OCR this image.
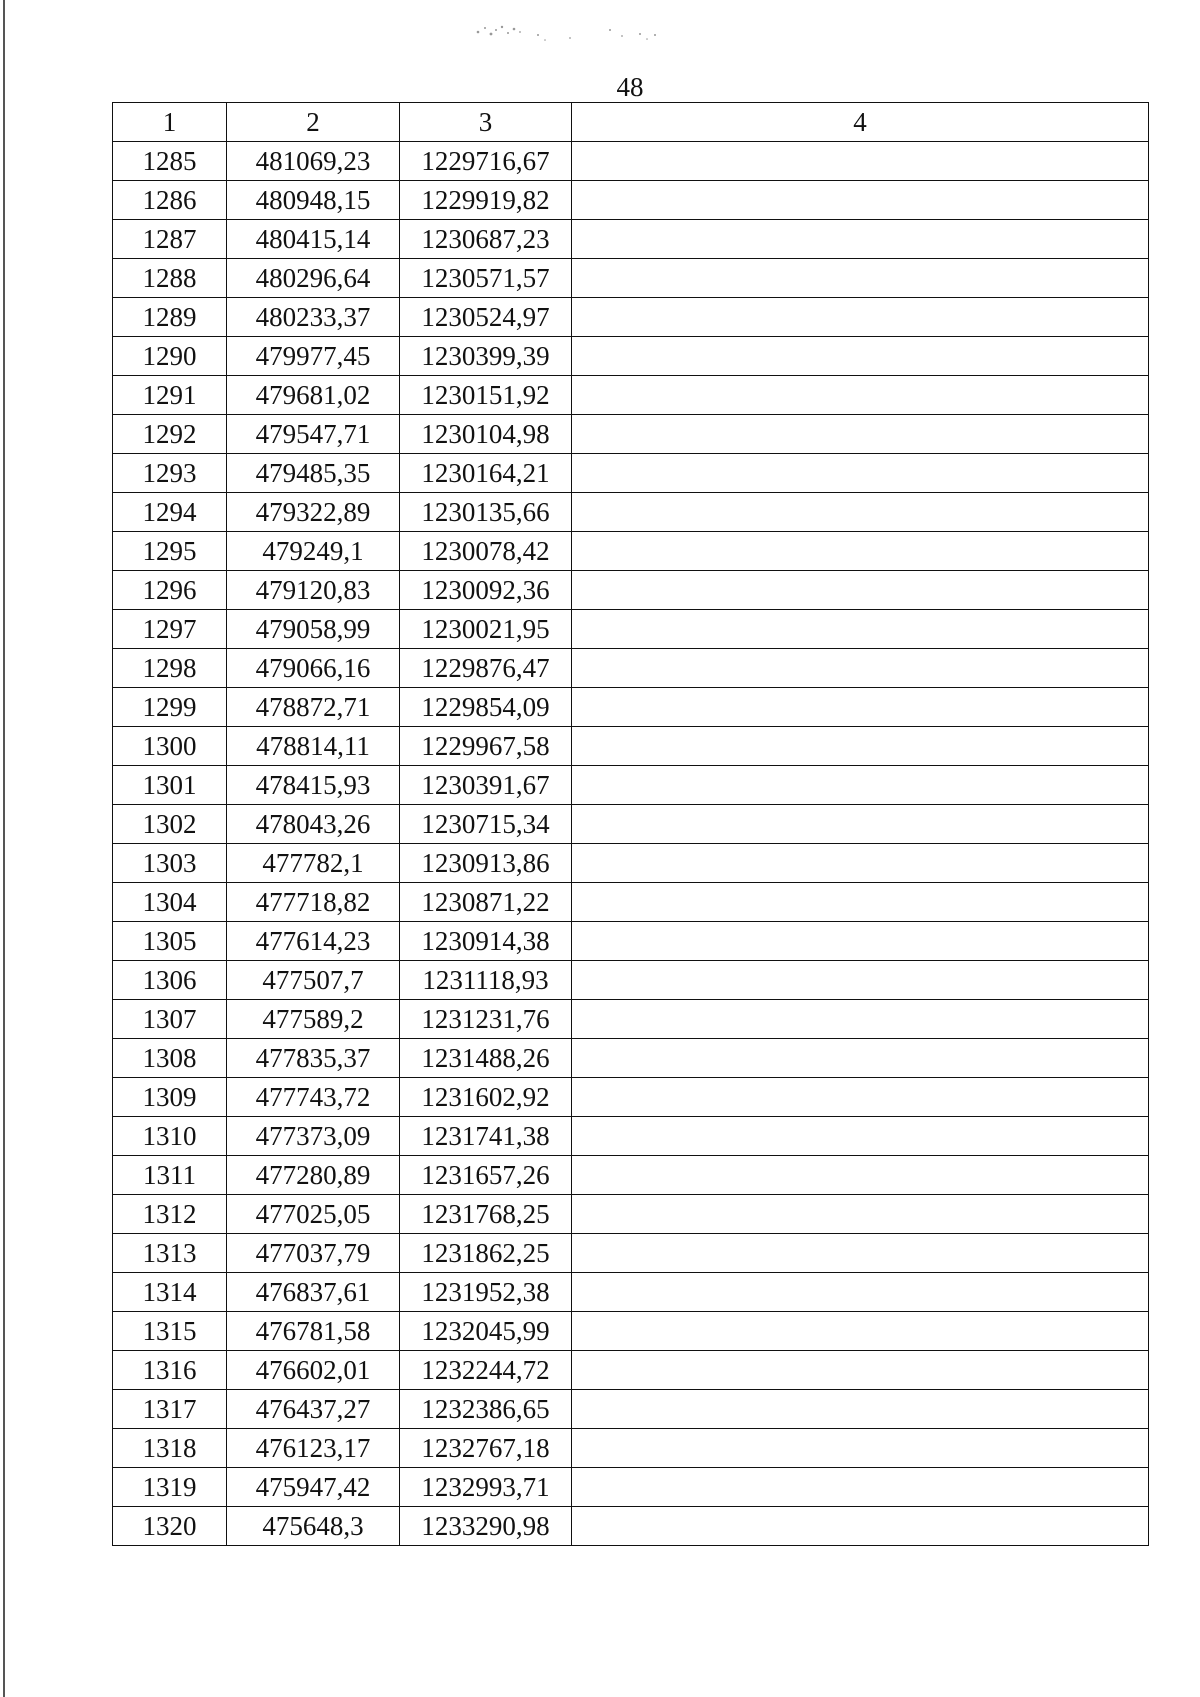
48
1	2	3	4
1285	481069,23	1229716,67	
1286	480948,15	1229919,82	
1287	480415,14	1230687,23	
1288	480296,64	1230571,57	
1289	480233,37	1230524,97	
1290	479977,45	1230399,39	
1291	479681,02	1230151,92	
1292	479547,71	1230104,98	
1293	479485,35	1230164,21	
1294	479322,89	1230135,66	
1295	479249,1	1230078,42	
1296	479120,83	1230092,36	
1297	479058,99	1230021,95	
1298	479066,16	1229876,47	
1299	478872,71	1229854,09	
1300	478814,11	1229967,58	
1301	478415,93	1230391,67	
1302	478043,26	1230715,34	
1303	477782,1	1230913,86	
1304	477718,82	1230871,22	
1305	477614,23	1230914,38	
1306	477507,7	1231118,93	
1307	477589,2	1231231,76	
1308	477835,37	1231488,26	
1309	477743,72	1231602,92	
1310	477373,09	1231741,38	
1311	477280,89	1231657,26	
1312	477025,05	1231768,25	
1313	477037,79	1231862,25	
1314	476837,61	1231952,38	
1315	476781,58	1232045,99	
1316	476602,01	1232244,72	
1317	476437,27	1232386,65	
1318	476123,17	1232767,18	
1319	475947,42	1232993,71	
1320	475648,3	1233290,98	
